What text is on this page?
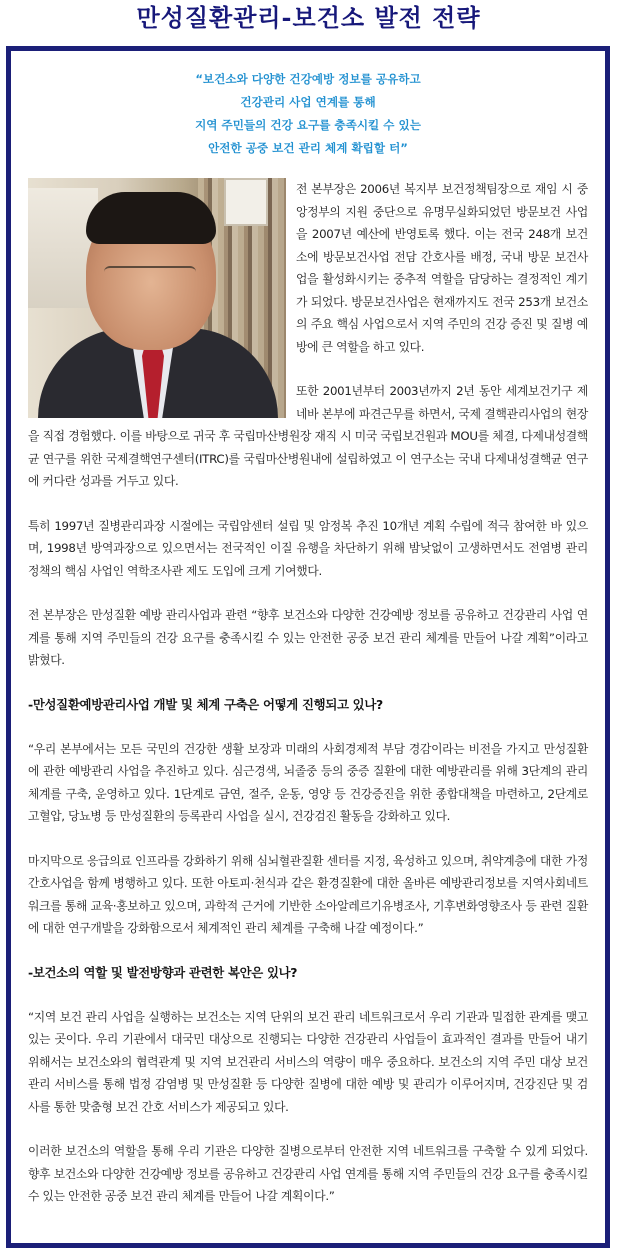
만성질환관리-보건소 발전 전략
“보건소와 다양한 건강예방 정보를 공유하고
건강관리 사업 연계를 통해
지역 주민들의 건강 요구를 충족시킬 수 있는
안전한 공중 보건 관리 체계 확립할 터”

전 본부장은 2006년 복지부 보건정책팀장으로 재임 시 중앙정부의 지원 중단으로 유명무실화되었던 방문보건 사업을 2007년 예산에 반영토록 했다. 이는 전국 248개 보건소에 방문보건사업 전담 간호사를 배정, 국내 방문 보건사업을 활성화시키는 중추적 역할을 담당하는 결정적인 계기가 되었다. 방문보건사업은 현재까지도 전국 253개 보건소의 주요 핵심 사업으로서 지역 주민의 건강 증진 및 질병 예방에 큰 역할을 하고 있다.

또한 2001년부터 2003년까지 2년 동안 세계보건기구 제네바 본부에 파견근무를 하면서, 국제 결핵관리사업의 현장을 직접 경험했다. 이를 바탕으로 귀국 후 국립마산병원장 재직 시 미국 국립보건원과 MOU를 체결, 다제내성결핵균 연구를 위한 국제결핵연구센터(ITRC)를 국립마산병원내에 설립하였고 이 연구소는 국내 다제내성결핵균 연구에 커다란 성과를 거두고 있다.

특히 1997년 질병관리과장 시절에는 국립암센터 설립 및 암정복 추진 10개년 계획 수립에 적극 참여한 바 있으며, 1998년 방역과장으로 있으면서는 전국적인 이질 유행을 차단하기 위해 밤낮없이 고생하면서도 전염병 관리 정책의 핵심 사업인 역학조사관 제도 도입에 크게 기여했다.

전 본부장은 만성질환 예방 관리사업과 관련 “향후 보건소와 다양한 건강예방 정보를 공유하고 건강관리 사업 연계를 통해 지역 주민들의 건강 요구를 충족시킬 수 있는 안전한 공중 보건 관리 체계를 만들어 나갈 계획”이라고 밝혔다.

-만성질환예방관리사업 개발 및 체계 구축은 어떻게 진행되고 있나?

“우리 본부에서는 모든 국민의 건강한 생활 보장과 미래의 사회경제적 부담 경감이라는 비전을 가지고 만성질환에 관한 예방관리 사업을 추진하고 있다. 심근경색, 뇌졸중 등의 중증 질환에 대한 예방관리를 위해 3단계의 관리 체계를 구축, 운영하고 있다. 1단계로 금연, 절주, 운동, 영양 등 건강증진을 위한 종합대책을 마련하고, 2단계로 고혈압, 당뇨병 등 만성질환의 등록관리 사업을 실시, 건강검진 활동을 강화하고 있다.

마지막으로 응급의료 인프라를 강화하기 위해 심뇌혈관질환 센터를 지정, 육성하고 있으며, 취약계층에 대한 가정간호사업을 함께 병행하고 있다. 또한 아토피·천식과 같은 환경질환에 대한 올바른 예방관리정보를 지역사회네트워크를 통해 교육·홍보하고 있으며, 과학적 근거에 기반한 소아알레르기유병조사, 기후변화영향조사 등 관련 질환에 대한 연구개발을 강화함으로서 체계적인 관리 체계를 구축해 나갈 예정이다.”

-보건소의 역할 및 발전방향과 관련한 복안은 있나?

“지역 보건 관리 사업을 실행하는 보건소는 지역 단위의 보건 관리 네트워크로서 우리 기관과 밀접한 관계를 맺고 있는 곳이다. 우리 기관에서 대국민 대상으로 진행되는 다양한 건강관리 사업들이 효과적인 결과를 만들어 내기 위해서는 보건소와의 협력관계 및 지역 보건관리 서비스의 역량이 매우 중요하다. 보건소의 지역 주민 대상 보건 관리 서비스를 통해 법정 감염병 및 만성질환 등 다양한 질병에 대한 예방 및 관리가 이루어지며, 건강진단 및 검사를 통한 맞춤형 보건 간호 서비스가 제공되고 있다.

이러한 보건소의 역할을 통해 우리 기관은 다양한 질병으로부터 안전한 지역 네트워크를 구축할 수 있게 되었다. 향후 보건소와 다양한 건강예방 정보를 공유하고 건강관리 사업 연계를 통해 지역 주민들의 건강 요구를 충족시킬 수 있는 안전한 공중 보건 관리 체계를 만들어 나갈 계획이다.”
